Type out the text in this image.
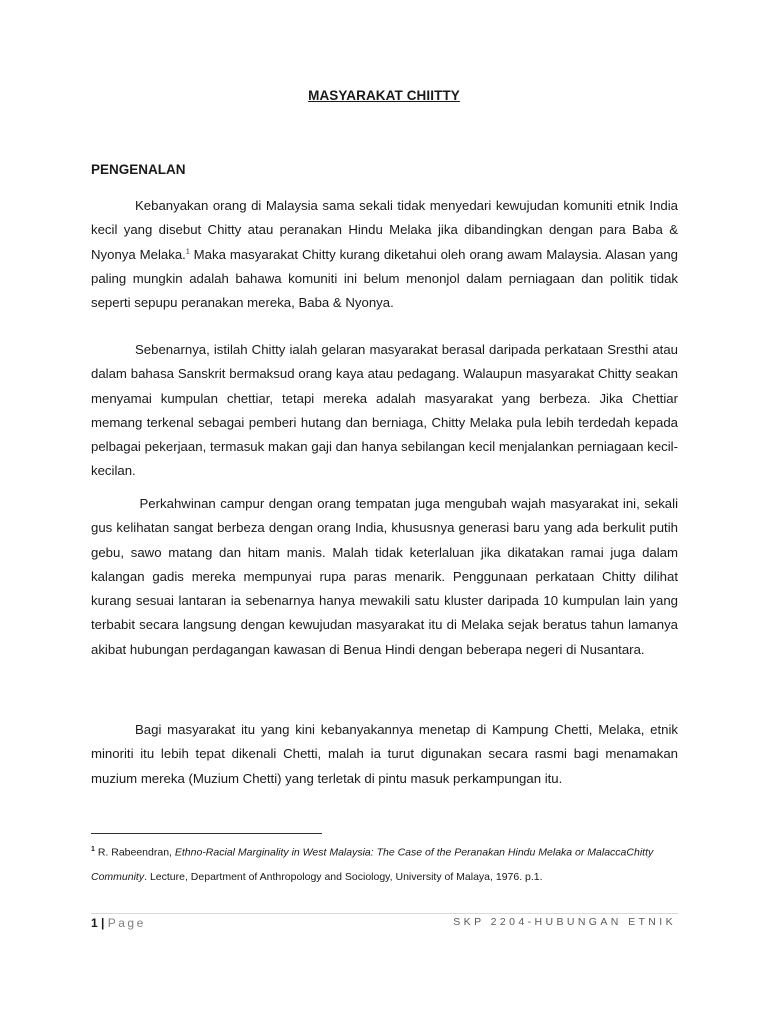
MASYARAKAT CHIITTY
PENGENALAN

Kebanyakan orang di Malaysia sama sekali tidak menyedari kewujudan komuniti etnik India kecil yang disebut Chitty atau peranakan Hindu Melaka jika dibandingkan dengan para Baba & Nyonya Melaka.$^1$ Maka masyarakat Chitty kurang diketahui oleh orang awam Malaysia. Alasan yang paling mungkin adalah bahawa komuniti ini belum menonjol dalam perniagaan dan politik tidak seperti sepupu peranakan mereka, Baba & Nyonya.

Sebenarnya, istilah Chitty ialah gelaran masyarakat berasal daripada perkataan Sresthi atau dalam bahasa Sanskrit bermaksud orang kaya atau pedagang. Walaupun masyarakat Chitty seakan menyamai kumpulan chettiar, tetapi mereka adalah masyarakat yang berbeza. Jika Chettiar memang terkenal sebagai pemberi hutang dan berniaga, Chitty Melaka pula lebih terdedah kepada pelbagai pekerjaan, termasuk makan gaji dan hanya sebilangan kecil menjalankan perniagaan kecil-kecilan.

Perkahwinan campur dengan orang tempatan juga mengubah wajah masyarakat ini, sekali gus kelihatan sangat berbeza dengan orang India, khususnya generasi baru yang ada berkulit putih gebu, sawo matang dan hitam manis. Malah tidak keterlaluan jika dikatakan ramai juga dalam kalangan gadis mereka mempunyai rupa paras menarik. Penggunaan perkataan Chitty dilihat kurang sesuai lantaran ia sebenarnya hanya mewakili satu kluster daripada 10 kumpulan lain yang terbabit secara langsung dengan kewujudan masyarakat itu di Melaka sejak beratus tahun lamanya akibat hubungan perdagangan kawasan di Benua Hindi dengan beberapa negeri di Nusantara.

Bagi masyarakat itu yang kini kebanyakannya menetap di Kampung Chetti, Melaka, etnik minoriti itu lebih tepat dikenali Chetti, malah ia turut digunakan secara rasmi bagi menamakan muzium mereka (Muzium Chetti) yang terletak di pintu masuk perkampungan itu.

$^1$ R. Rabeendran, Ethno-Racial Marginality in West Malaysia: The Case of the Peranakan Hindu Melaka or MalaccaChitty Community. Lecture, Department of Anthropology and Sociology, University of Malaya, 1976. p.1.
1 | Page	SKP 2204-HUBUNGAN ETNIK
